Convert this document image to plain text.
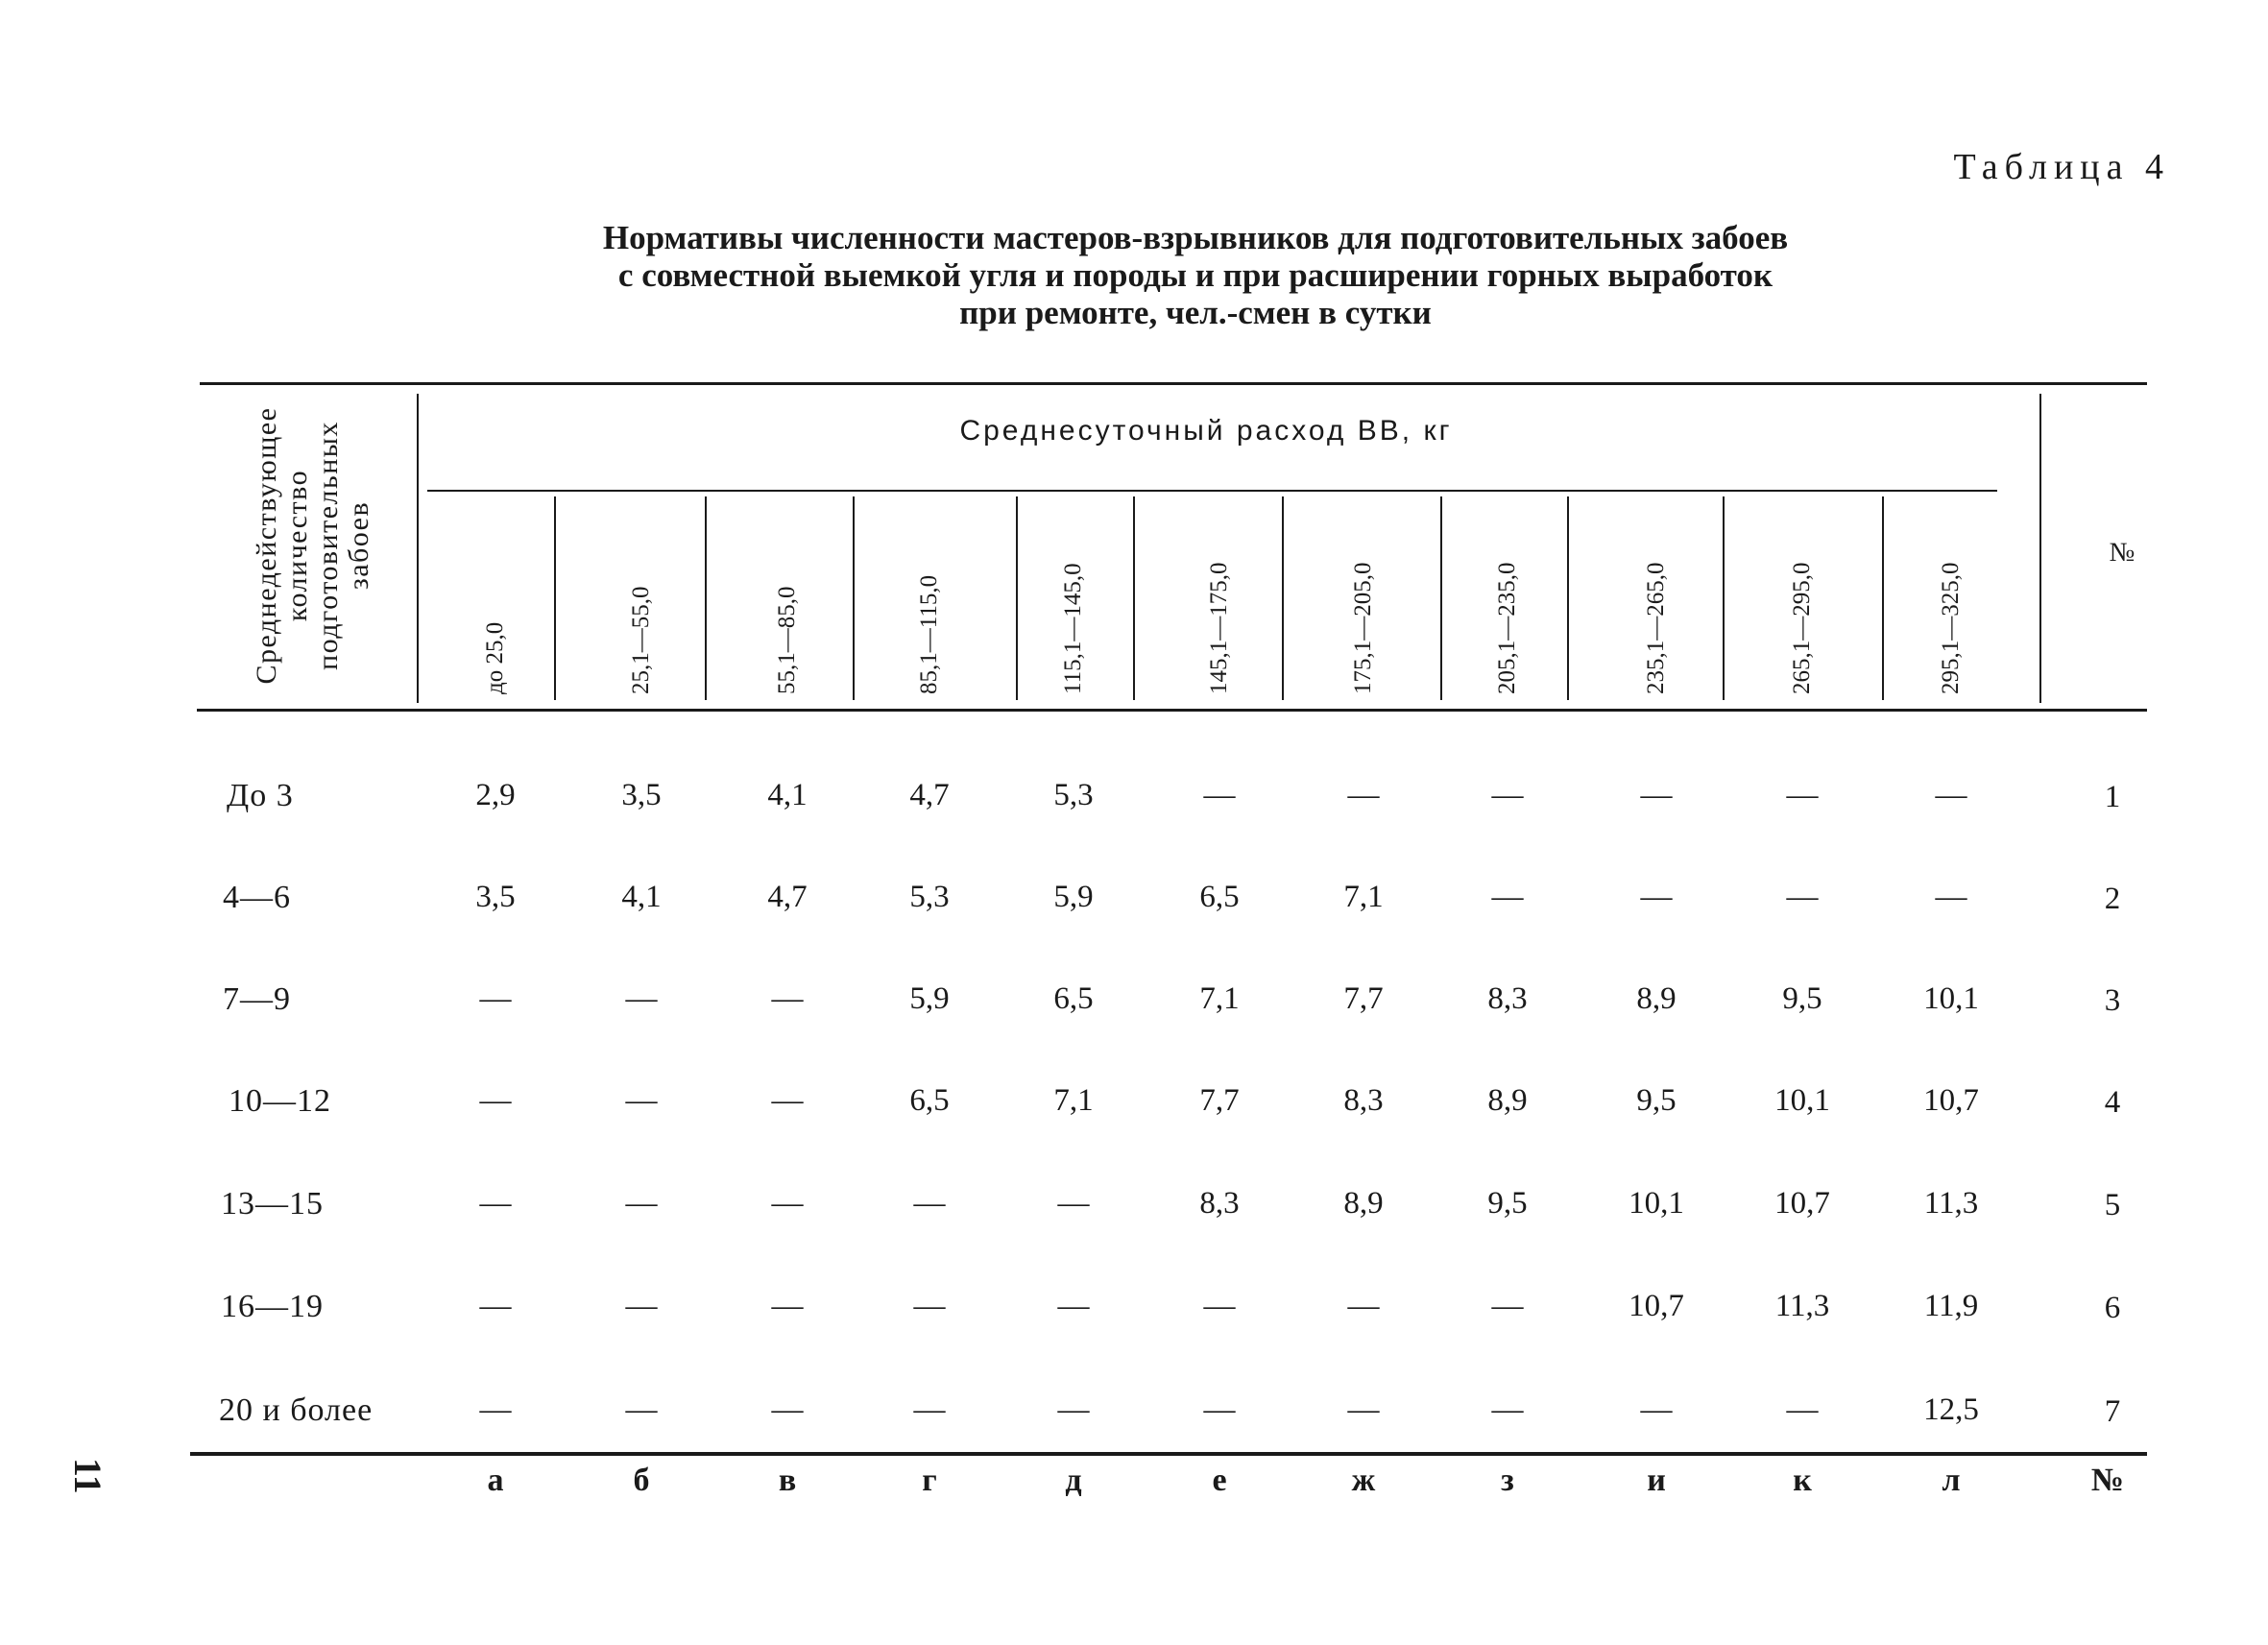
11
Таблица 4
Нормативы численности мастеров-взрывников для подготовительных забоев
с совместной выемкой угля и породы и при расширении горных выработок
при ремонте, чел.-смен в сутки
Среднедействующее количество подготовительных забоев
Среднесуточный расход ВВ, кг
№
до 25,0	25,1—55,0	55,1—85,0	85,1—115,0	115,1—145,0	145,1—175,0	175,1—205,0	205,1—235,0	235,1—265,0	265,1—295,0	295,1—325,0
До 3	2,9	3,5	4,1	4,7	5,3	—	—	—	—	—	—	1
4—6	3,5	4,1	4,7	5,3	5,9	6,5	7,1	—	—	—	—	2
7—9	—	—	—	5,9	6,5	7,1	7,7	8,3	8,9	9,5	10,1	3
10—12	—	—	—	6,5	7,1	7,7	8,3	8,9	9,5	10,1	10,7	4
13—15	—	—	—	—	—	8,3	8,9	9,5	10,1	10,7	11,3	5
16—19	—	—	—	—	—	—	—	—	10,7	11,3	11,9	6
20 и более	—	—	—	—	—	—	—	—	—	—	12,5	7
а	б	в	г	д	е	ж	з	и	к	л	№
